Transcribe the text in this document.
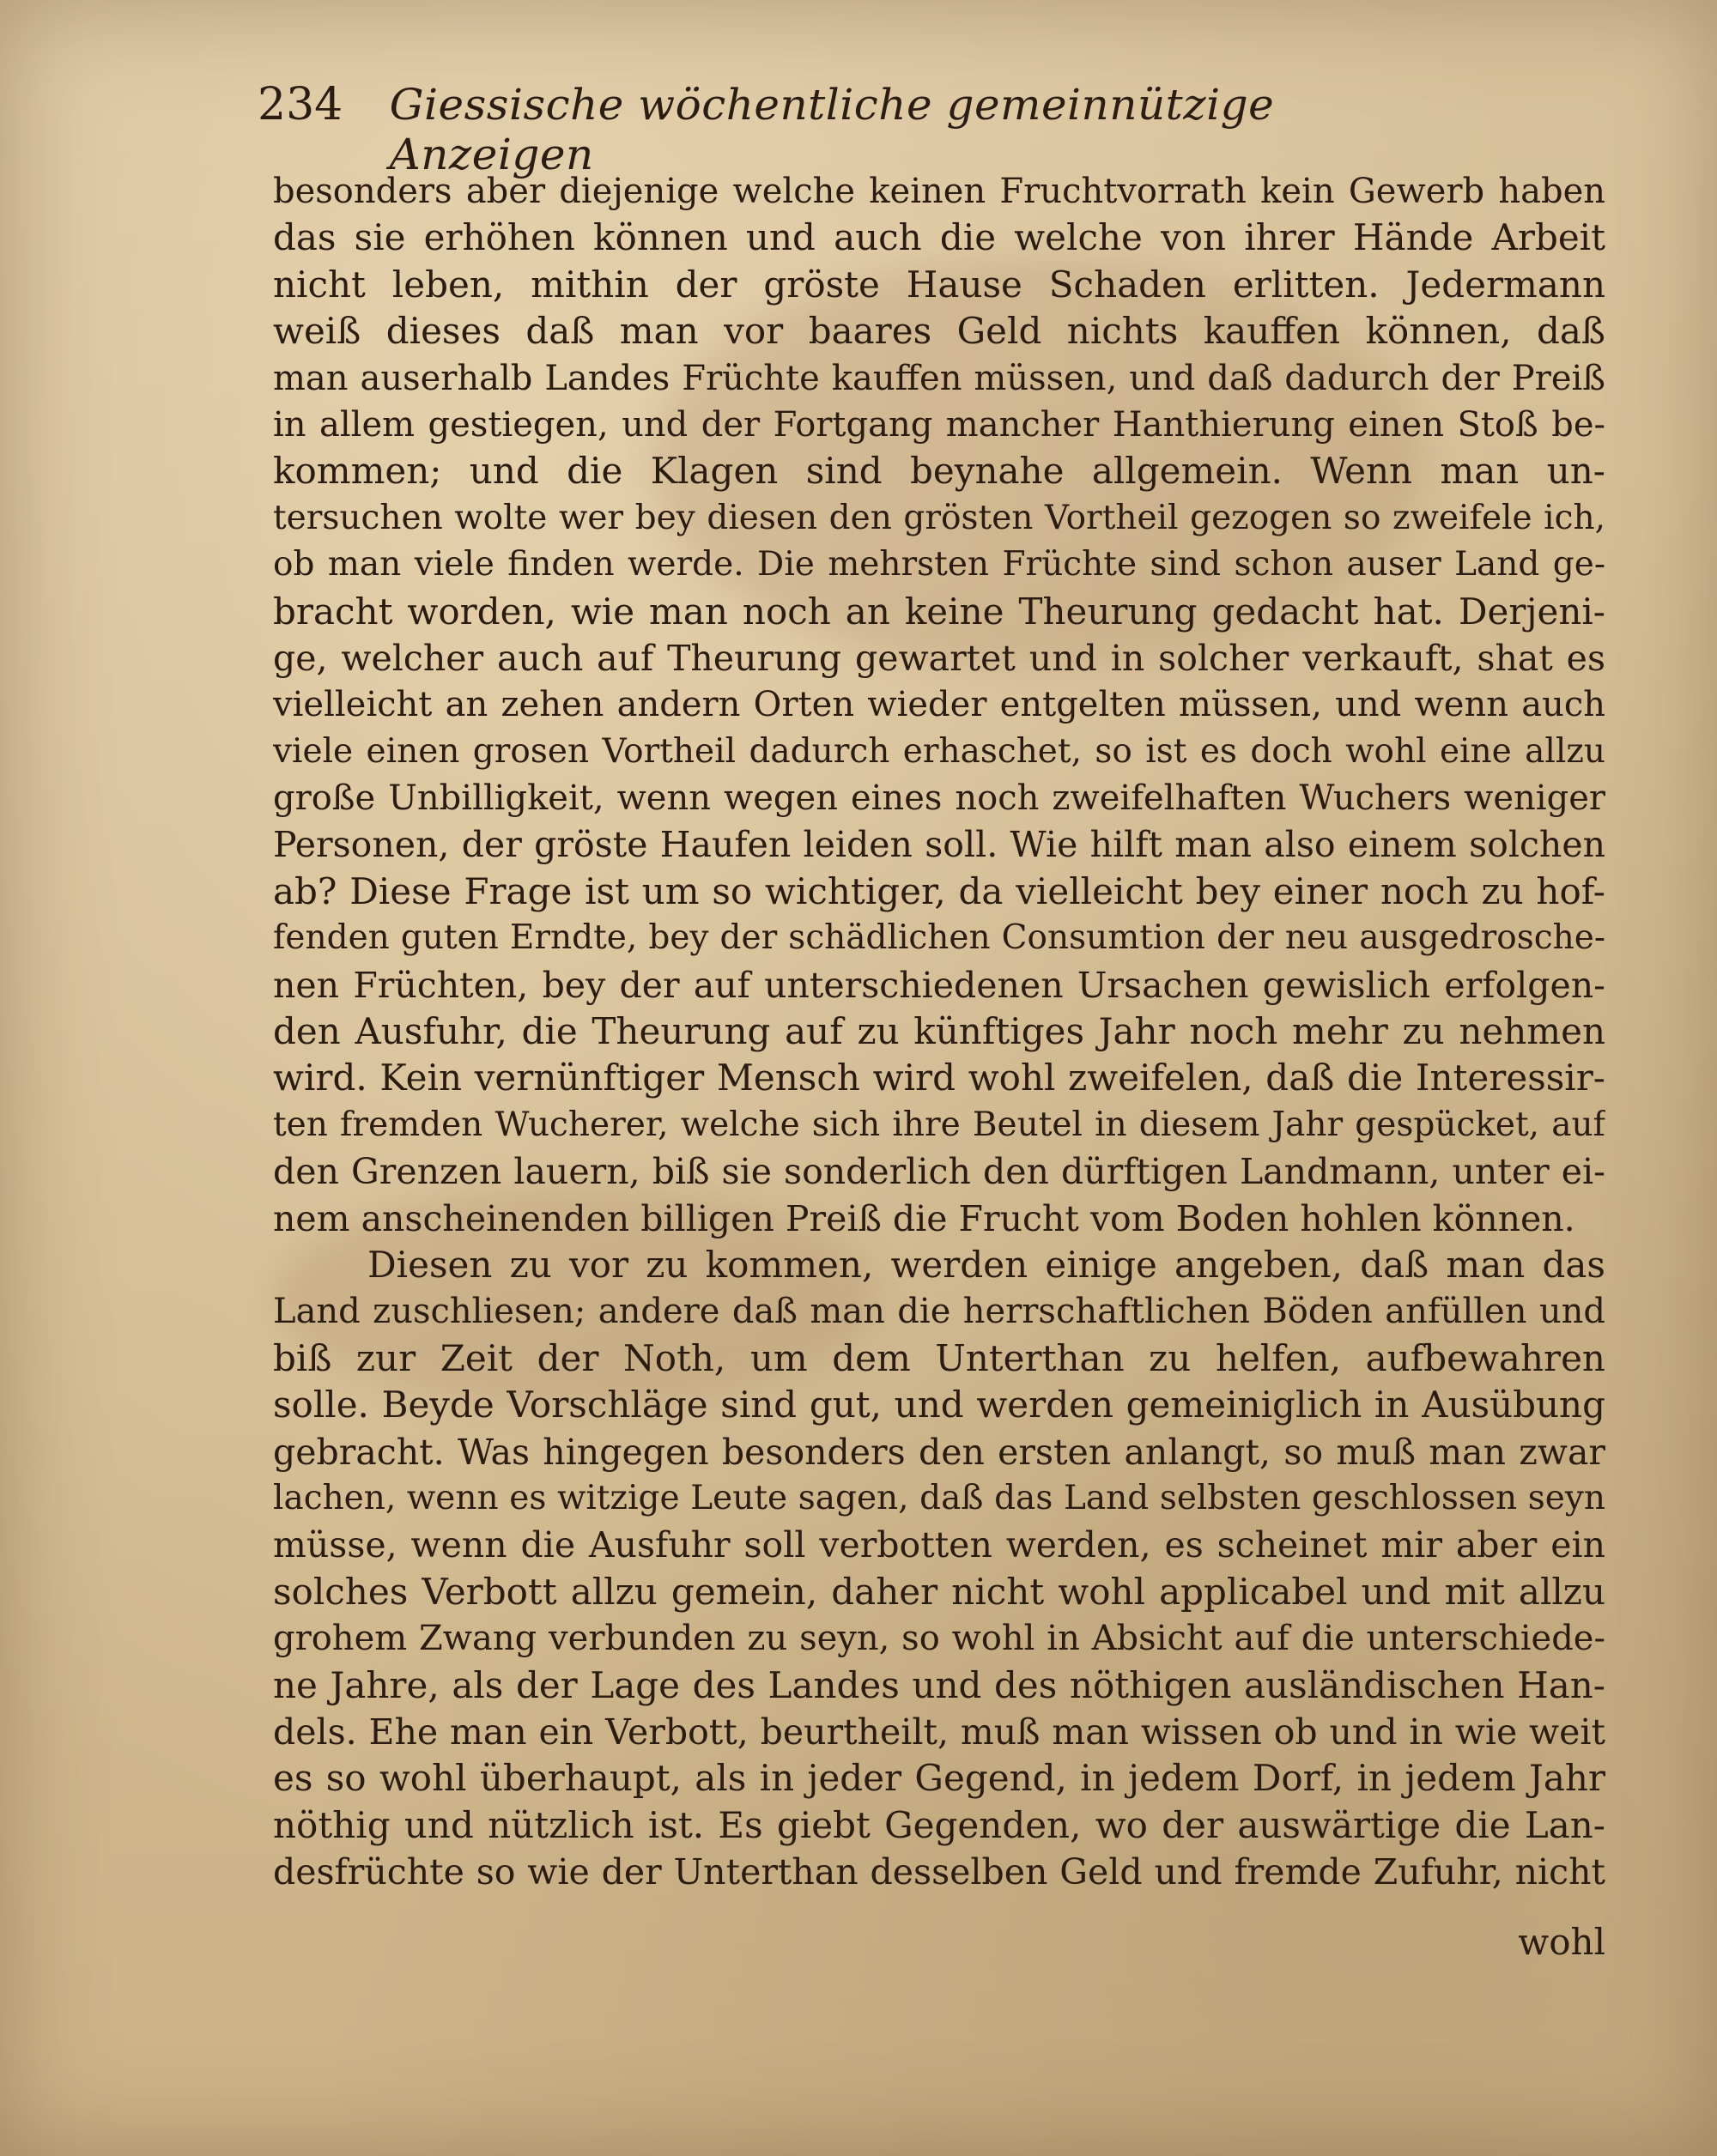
234	Giessische wöchentliche gemeinnützige Anzeigen
besonders aber diejenige welche keinen Fruchtvorrath kein Gewerb haben
das sie erhöhen können und auch die welche von ihrer Hände Arbeit
nicht leben, mithin der gröste Hause Schaden erlitten. Jedermann
weiß dieses daß man vor baares Geld nichts kauffen können, daß
man auserhalb Landes Früchte kauffen müssen, und daß dadurch der Preiß
in allem gestiegen, und der Fortgang mancher Hanthierung einen Stoß be-
kommen; und die Klagen sind beynahe allgemein. Wenn man un-
tersuchen wolte wer bey diesen den grösten Vortheil gezogen so zweifele ich,
ob man viele finden werde. Die mehrsten Früchte sind schon auser Land ge-
bracht worden, wie man noch an keine Theurung gedacht hat. Derjeni-
ge, welcher auch auf Theurung gewartet und in solcher verkauft, shat es
vielleicht an zehen andern Orten wieder entgelten müssen, und wenn auch
viele einen grosen Vortheil dadurch erhaschet, so ist es doch wohl eine allzu
große Unbilligkeit, wenn wegen eines noch zweifelhaften Wuchers weniger
Personen, der gröste Haufen leiden soll. Wie hilft man also einem solchen
ab? Diese Frage ist um so wichtiger, da vielleicht bey einer noch zu hof-
fenden guten Erndte, bey der schädlichen Consumtion der neu ausgedrosche-
nen Früchten, bey der auf unterschiedenen Ursachen gewislich erfolgen-
den Ausfuhr, die Theurung auf zu künftiges Jahr noch mehr zu nehmen
wird. Kein vernünftiger Mensch wird wohl zweifelen, daß die Interessir-
ten fremden Wucherer, welche sich ihre Beutel in diesem Jahr gespücket, auf
den Grenzen lauern, biß sie sonderlich den dürftigen Landmann, unter ei-
nem anscheinenden billigen Preiß die Frucht vom Boden hohlen können.
Diesen zu vor zu kommen, werden einige angeben, daß man das
Land zuschliesen; andere daß man die herrschaftlichen Böden anfüllen und
biß zur Zeit der Noth, um dem Unterthan zu helfen, aufbewahren
solle. Beyde Vorschläge sind gut, und werden gemeiniglich in Ausübung
gebracht. Was hingegen besonders den ersten anlangt, so muß man zwar
lachen, wenn es witzige Leute sagen, daß das Land selbsten geschlossen seyn
müsse, wenn die Ausfuhr soll verbotten werden, es scheinet mir aber ein
solches Verbott allzu gemein, daher nicht wohl applicabel und mit allzu
grohem Zwang verbunden zu seyn, so wohl in Absicht auf die unterschiede-
ne Jahre, als der Lage des Landes und des nöthigen ausländischen Han-
dels. Ehe man ein Verbott, beurtheilt, muß man wissen ob und in wie weit
es so wohl überhaupt, als in jeder Gegend, in jedem Dorf, in jedem Jahr
nöthig und nützlich ist. Es giebt Gegenden, wo der auswärtige die Lan-
desfrüchte so wie der Unterthan desselben Geld und fremde Zufuhr, nicht
wohl
